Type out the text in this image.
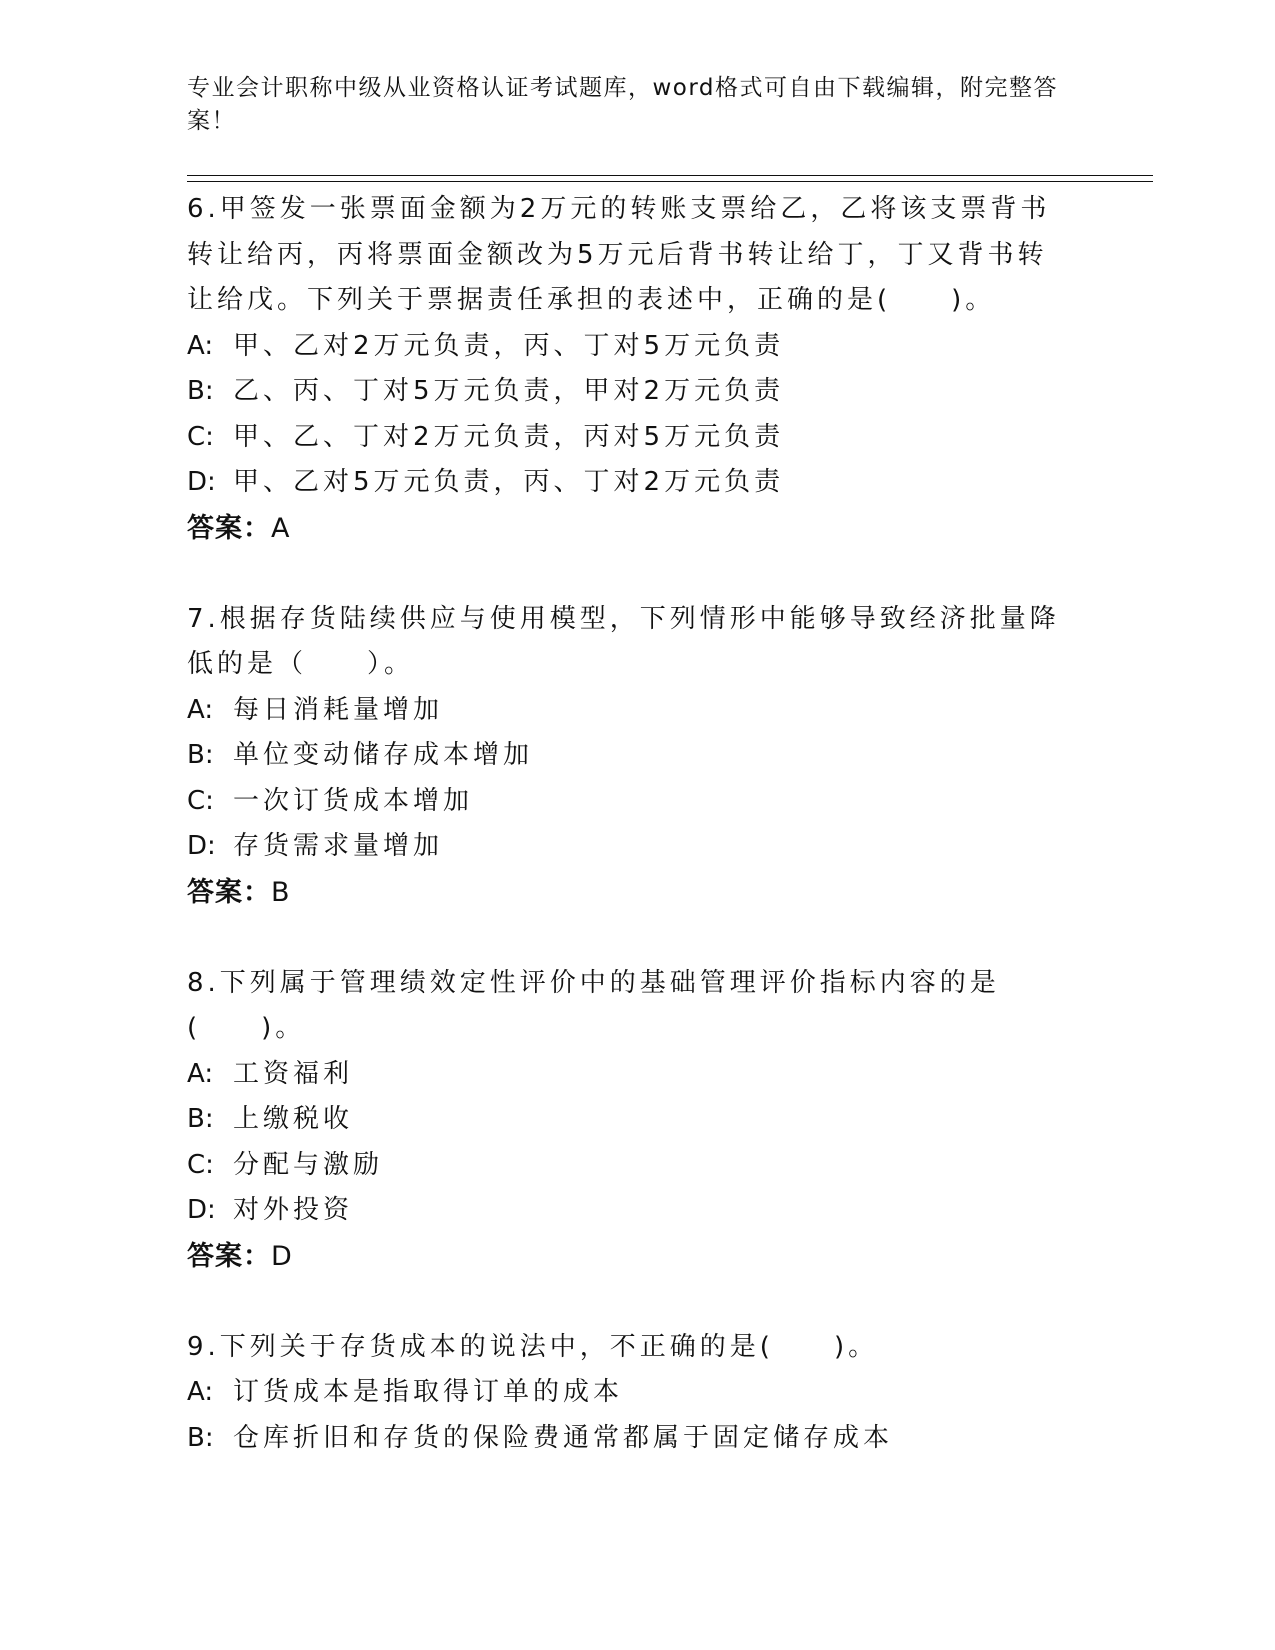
专业会计职称中级从业资格认证考试题库，word格式可自由下载编辑，附完整答案！
6.甲签发一张票面金额为2万元的转账支票给乙，乙将该支票背书转让给丙，丙将票面金额改为5万元后背书转让给丁，丁又背书转让给戊。下列关于票据责任承担的表述中，正确的是(　　)。
A: 甲、乙对2万元负责，丙、丁对5万元负责
B: 乙、丙、丁对5万元负责，甲对2万元负责
C: 甲、乙、丁对2万元负责，丙对5万元负责
D: 甲、乙对5万元负责，丙、丁对2万元负责
答案：A
7.根据存货陆续供应与使用模型，下列情形中能够导致经济批量降低的是（　　）。
A: 每日消耗量增加
B: 单位变动储存成本增加
C: 一次订货成本增加
D: 存货需求量增加
答案：B
8.下列属于管理绩效定性评价中的基础管理评价指标内容的是(　　)。
A: 工资福利
B: 上缴税收
C: 分配与激励
D: 对外投资
答案：D
9.下列关于存货成本的说法中，不正确的是(　　)。
A: 订货成本是指取得订单的成本
B: 仓库折旧和存货的保险费通常都属于固定储存成本
